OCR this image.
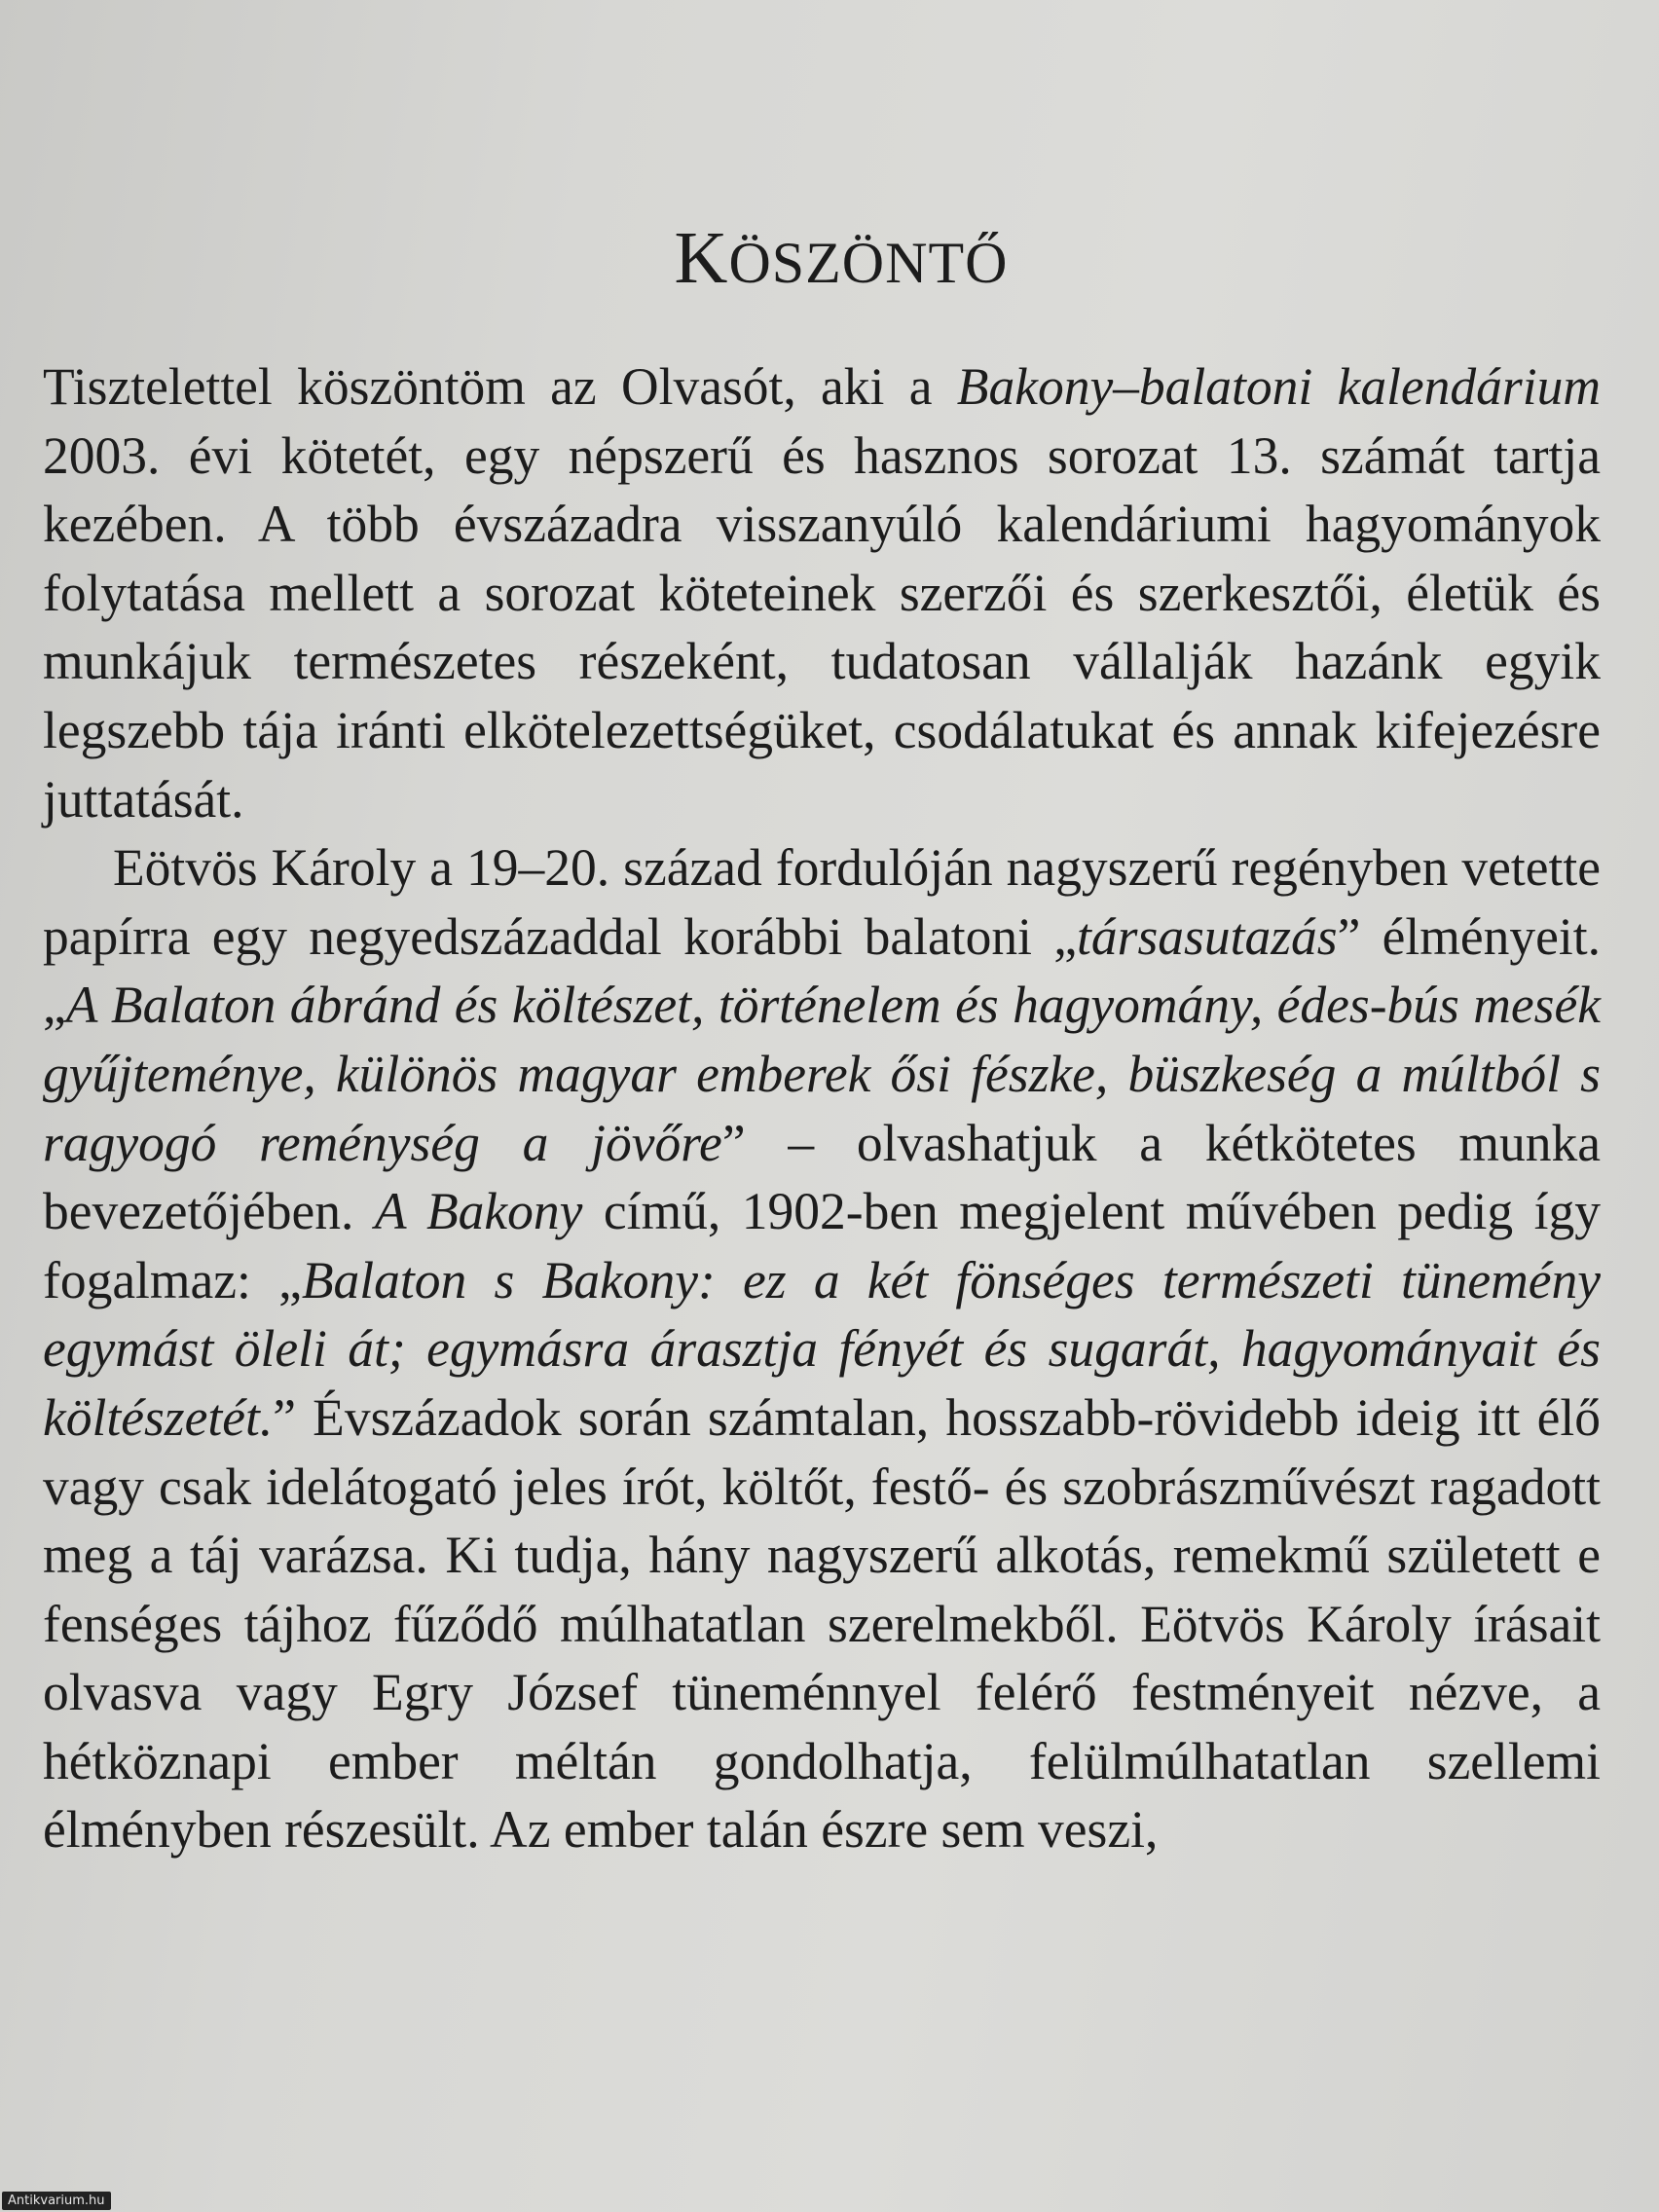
KÖSZÖNTŐ

Tisztelettel köszöntöm az Olvasót, aki a Bakony–balatoni kalendárium 2003. évi kötetét, egy népszerű és hasznos sorozat 13. számát tartja kezében. A több évszázadra visszanyúló kalendáriumi hagyományok folytatása mellett a sorozat köteteinek szerzői és szerkesztői, életük és munkájuk természetes részeként, tudatosan vállalják hazánk egyik legszebb tája iránti elkötelezettségüket, csodálatukat és annak kifejezésre juttatását.

Eötvös Károly a 19–20. század fordulóján nagyszerű regényben vetette papírra egy negyedszázaddal korábbi balatoni „társasutazás” élményeit. „A Balaton ábránd és költészet, történelem és hagyomány, édes-bús mesék gyűjteménye, különös magyar emberek ősi fészke, büszkeség a múltból s ragyogó reménység a jövőre” – olvashatjuk a kétkötetes munka bevezetőjében. A Bakony című, 1902-ben megjelent művében pedig így fogalmaz: „Balaton s Bakony: ez a két fönséges természeti tünemény egymást öleli át; egymásra árasztja fényét és sugarát, hagyományait és költészetét.” Évszázadok során számtalan, hosszabb-rövidebb ideig itt élő vagy csak idelátogató jeles írót, költőt, festő- és szobrászművészt ragadott meg a táj varázsa. Ki tudja, hány nagyszerű alkotás, remekmű született e fenséges tájhoz fűződő múlhatatlan szerelmekből. Eötvös Károly írásait olvasva vagy Egry József tüneménnyel felérő festményeit nézve, a hétköznapi ember méltán gondolhatja, felülmúlhatatlan szellemi élményben részesült. Az ember talán észre sem veszi,

Antikvarium.hu
